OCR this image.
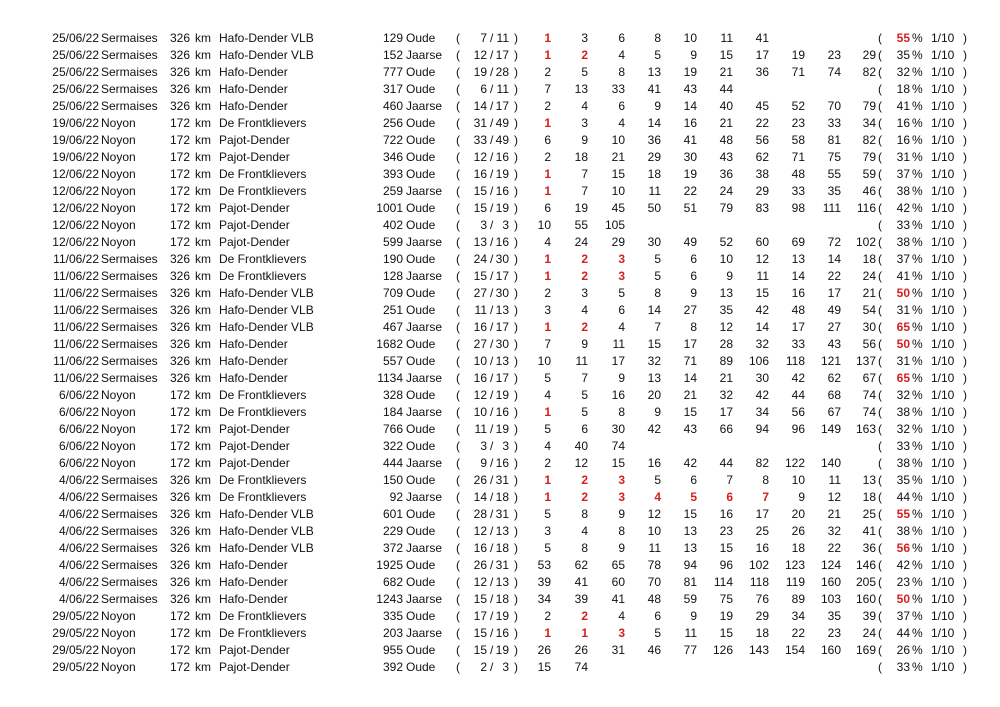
25/06/22 Sermaises 326 km Hafo-Dender VLB	129 Oude ( 7 / 11 ) 1	3	6 8 10 11 41	( 55 % 1/10 )
25/06/22 Sermaises 326 km Hafo-Dender VLB	152 Jaarse ( 12 / 17 ) 1	2	4 5 9 15 17 19 23 29 ( 35 % 1/10 )
25/06/22 Sermaises 326 km Hafo-Dender	777 Oude ( 19 / 28 ) 2	5	8 13 19 21 36 71 74 82 ( 32 % 1/10 )
25/06/22 Sermaises 326 km Hafo-Dender	317 Oude ( 6 / 11 ) 7 13 33 41 43 44	( 18 % 1/10 )
25/06/22 Sermaises 326 km Hafo-Dender	460 Jaarse ( 14 / 17 ) 2	4	6 9 14 40 45 52 70 79 ( 41 % 1/10 )
19/06/22 Noyon	172 km De Frontklievers	256 Oude ( 31 / 49 ) 1	3	4 14 16 21 22 23 33 34 ( 16 % 1/10 )
19/06/22 Noyon	172 km Pajot-Dender	722 Oude ( 33 / 49 ) 6	9 10 36 41 48 56 58 81 82 ( 16 % 1/10 )
19/06/22 Noyon	172 km Pajot-Dender	346 Oude ( 12 / 16 ) 2 18 21 29 30 43 62 71 75 79 ( 31 % 1/10 )
12/06/22 Noyon	172 km De Frontklievers	393 Oude ( 16 / 19 ) 1	7 15 18 19 36 38 48 55 59 ( 37 % 1/10 )
12/06/22 Noyon	172 km De Frontklievers	259 Jaarse ( 15 / 16 ) 1	7 10 11 22 24 29 33 35 46 ( 38 % 1/10 )
12/06/22 Noyon	172 km Pajot-Dender	1001 Oude ( 15 / 19 ) 6 19 45 50 51 79 83 98 111 116 ( 42 % 1/10 )
12/06/22 Noyon	172 km Pajot-Dender	402 Oude ( 3 / 3 ) 10 55 105	( 33 % 1/10 )
12/06/22 Noyon	172 km Pajot-Dender	599 Jaarse ( 13 / 16 ) 4 24 29 30 49 52 60 69 72 102 ( 38 % 1/10 )
11/06/22 Sermaises 326 km De Frontklievers	190 Oude ( 24 / 30 ) 1	2	3 5 6 10 12 13 14 18 ( 37 % 1/10 )
11/06/22 Sermaises 326 km De Frontklievers	128 Jaarse ( 15 / 17 ) 1	2	3 5 6 9 11 14 22 24 ( 41 % 1/10 )
11/06/22 Sermaises 326 km Hafo-Dender VLB	709 Oude ( 27 / 30 ) 2	3	5 8 9 13 15 16 17 21 ( 50 % 1/10 )
11/06/22 Sermaises 326 km Hafo-Dender VLB	251 Oude ( 11 / 13 ) 3	4	6 14 27 35 42 48 49 54 ( 31 % 1/10 )
11/06/22 Sermaises 326 km Hafo-Dender VLB	467 Jaarse ( 16 / 17 ) 1	2	4 7 8 12 14 17 27 30 ( 65 % 1/10 )
11/06/22 Sermaises 326 km Hafo-Dender	1682 Oude ( 27 / 30 ) 7	9 11 15 17 28 32 33 43 56 ( 50 % 1/10 )
11/06/22 Sermaises 326 km Hafo-Dender	557 Oude ( 10 / 13 ) 10 11 17 32 71 89 106 118 121 137 ( 31 % 1/10 )
11/06/22 Sermaises 326 km Hafo-Dender	1134 Jaarse ( 16 / 17 ) 5	7	9 13 14 21 30 42 62 67 ( 65 % 1/10 )
6/06/22 Noyon	172 km De Frontklievers	328 Oude ( 12 / 19 ) 4	5 16 20 21 32 42 44 68 74 ( 32 % 1/10 )
6/06/22 Noyon	172 km De Frontklievers	184 Jaarse ( 10 / 16 ) 1	5	8 9 15 17 34 56 67 74 ( 38 % 1/10 )
6/06/22 Noyon	172 km Pajot-Dender	766 Oude ( 11 / 19 ) 5	6 30 42 43 66 94 96 149 163 ( 32 % 1/10 )
6/06/22 Noyon	172 km Pajot-Dender	322 Oude ( 3 / 3 ) 4 40 74	( 33 % 1/10 )
6/06/22 Noyon	172 km Pajot-Dender	444 Jaarse ( 9 / 16 ) 2 12 15 16 42 44 82 122 140	( 38 % 1/10 )
4/06/22 Sermaises 326 km De Frontklievers	150 Oude ( 26 / 31 ) 1	2	3 5 6 7 8 10 11 13 ( 35 % 1/10 )
4/06/22 Sermaises 326 km De Frontklievers	92 Jaarse ( 14 / 18 ) 1	2	3 4 5 6 7 9 12 18 ( 44 % 1/10 )
4/06/22 Sermaises 326 km Hafo-Dender VLB	601 Oude ( 28 / 31 ) 5	8	9 12 15 16 17 20 21 25 ( 55 % 1/10 )
4/06/22 Sermaises 326 km Hafo-Dender VLB	229 Oude ( 12 / 13 ) 3	4	8 10 13 23 25 26 32 41 ( 38 % 1/10 )
4/06/22 Sermaises 326 km Hafo-Dender VLB	372 Jaarse ( 16 / 18 ) 5	8	9 11 13 15 16 18 22 36 ( 56 % 1/10 )
4/06/22 Sermaises 326 km Hafo-Dender	1925 Oude ( 26 / 31 ) 53 62 65 78 94 96 102 123 124 146 ( 42 % 1/10 )
4/06/22 Sermaises 326 km Hafo-Dender	682 Oude ( 12 / 13 ) 39 41 60 70 81 114 118 119 160 205 ( 23 % 1/10 )
4/06/22 Sermaises 326 km Hafo-Dender	1243 Jaarse ( 15 / 18 ) 34 39 41 48 59 75 76 89 103 160 ( 50 % 1/10 )
29/05/22 Noyon	172 km De Frontklievers	335 Oude ( 17 / 19 ) 2	2	4 6 9 19 29 34 35 39 ( 37 % 1/10 )
29/05/22 Noyon	172 km De Frontklievers	203 Jaarse ( 15 / 16 ) 1	1	3 5 11 15 18 22 23 24 ( 44 % 1/10 )
29/05/22 Noyon	172 km Pajot-Dender	955 Oude ( 15 / 19 ) 26 26 31 46 77 126 143 154 160 169 ( 26 % 1/10 )
29/05/22 Noyon	172 km Pajot-Dender	392 Oude ( 2 / 3 ) 15 74	( 33 % 1/10 )
